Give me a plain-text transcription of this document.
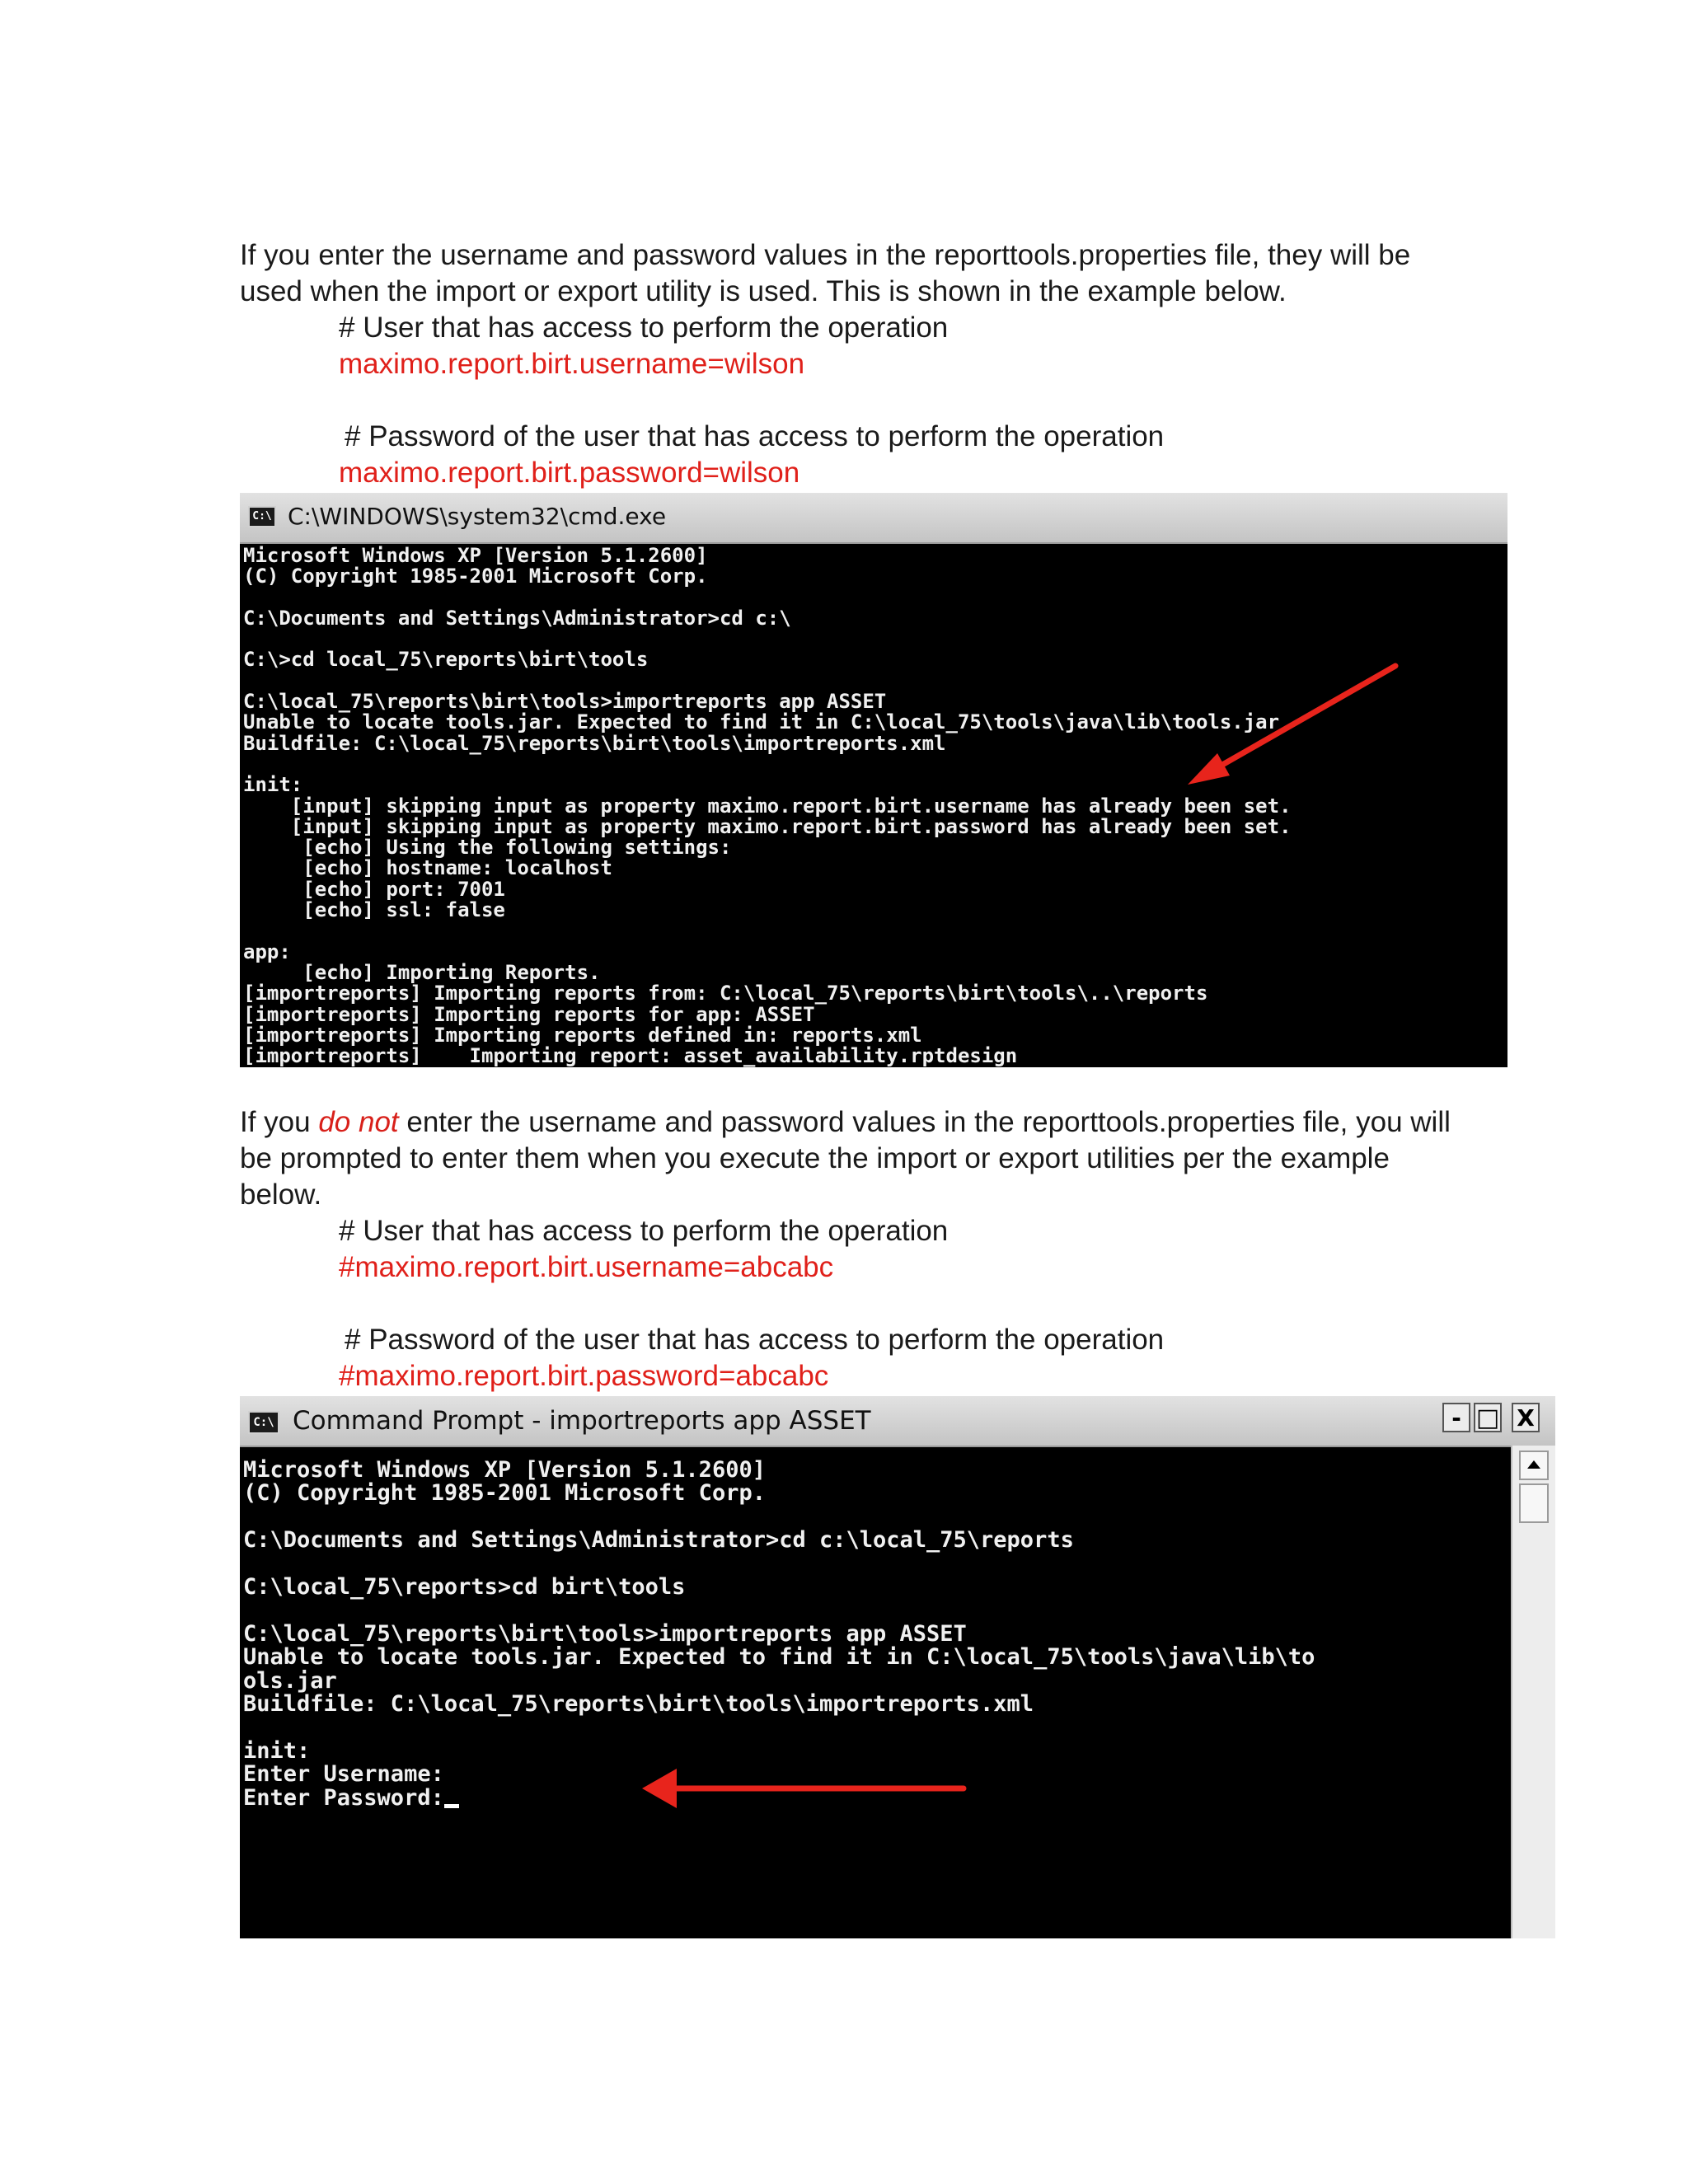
If you enter the username and password values in the reporttools.properties file, they will be
used when the import or export utility is used. This is shown in the example below.
# User that has access to perform the operation
maximo.report.birt.username=wilson
# Password of the user that has access to perform the operation
maximo.report.birt.password=wilson
C:\ C:\WINDOWS\system32\cmd.exe
Microsoft Windows XP [Version 5.1.2600]
(C) Copyright 1985-2001 Microsoft Corp.

C:\Documents and Settings\Administrator>cd c:\

C:\>cd local_75\reports\birt\tools

C:\local_75\reports\birt\tools>importreports app ASSET
Unable to locate tools.jar. Expected to find it in C:\local_75\tools\java\lib\tools.jar
Buildfile: C:\local_75\reports\birt\tools\importreports.xml

init:
[input] skipping input as property maximo.report.birt.username has already been set.
[input] skipping input as property maximo.report.birt.password has already been set.
[echo] Using the following settings:
[echo] hostname: localhost
[echo] port: 7001
[echo] ssl: false

app:
[echo] Importing Reports.
[importreports] Importing reports from: C:\local_75\reports\birt\tools\..\reports
[importreports] Importing reports for app: ASSET
[importreports] Importing reports defined in: reports.xml
[importreports]    Importing report: asset_availability.rptdesign
If you do not enter the username and password values in the reporttools.properties file, you will
be prompted to enter them when you execute the import or export utilities per the example
below.
# User that has access to perform the operation
#maximo.report.birt.username=abcabc
# Password of the user that has access to perform the operation
#maximo.report.birt.password=abcabc
C:\ Command Prompt - importreports app ASSET	- □ X
Microsoft Windows XP [Version 5.1.2600]
(C) Copyright 1985-2001 Microsoft Corp.

C:\Documents and Settings\Administrator>cd c:\local_75\reports

C:\local_75\reports>cd birt\tools

C:\local_75\reports\birt\tools>importreports app ASSET
Unable to locate tools.jar. Expected to find it in C:\local_75\tools\java\lib\to
ols.jar
Buildfile: C:\local_75\reports\birt\tools\importreports.xml

init:
Enter Username:
Enter Password:
